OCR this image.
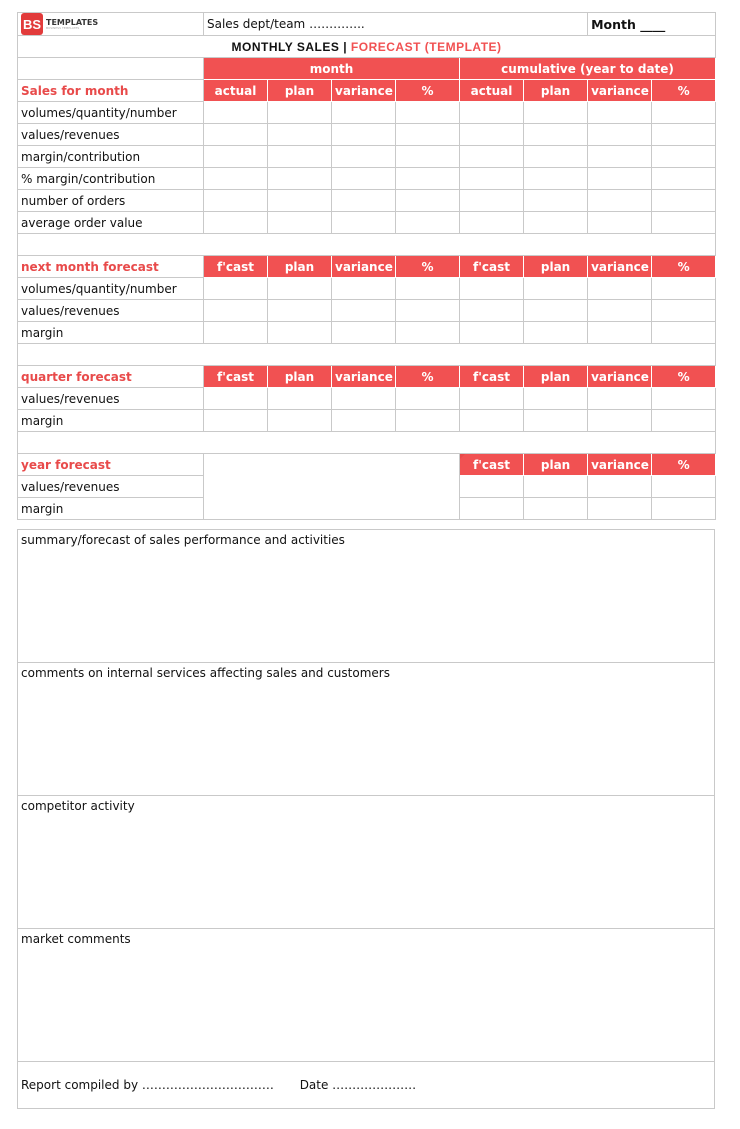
BS TEMPLATES
BUSINESS TEMPLATES	Sales dept/team …………..						Month ____	
MONTHLY SALES | FORECAST (TEMPLATE)								
	month				cumulative (year to date)			
Sales for month	actual	plan	variance	%	actual	plan	variance	%
volumes/quantity/number								
values/revenues								
margin/contribution								
% margin/contribution								
number of orders								
average order value								

next month forecast	f'cast	plan	variance	%	f'cast	plan	variance	%
volumes/quantity/number								
values/revenues								
margin								

quarter forecast	f'cast	plan	variance	%	f'cast	plan	variance	%
values/revenues								
margin								

year forecast					f'cast	plan	variance	%
values/revenues								
margin								
summary/forecast of sales performance and activities
comments on internal services affecting sales and customers
competitor activity
market comments
Report compiled by …………………………… Date …………………
